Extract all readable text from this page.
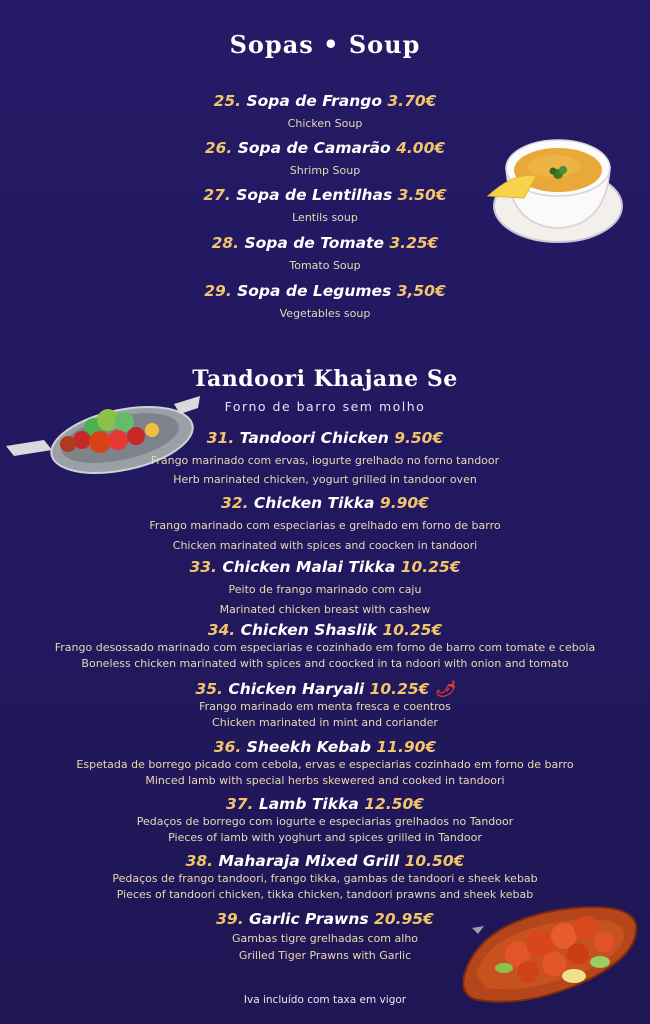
Sopas • Soup
25. Sopa de Frango 3.70€
Chicken Soup
26. Sopa de Camarão 4.00€
Shrimp Soup
27. Sopa de Lentilhas 3.50€
Lentils soup
28. Sopa de Tomate 3.25€
Tomato Soup
29. Sopa de Legumes 3,50€
Vegetables soup
Tandoori Khajane Se
Forno de barro sem molho
31. Tandoori Chicken 9.50€
Frango marinado com ervas, iogurte grelhado no forno tandoor
Herb marinated chicken, yogurt grilled in tandoor oven
32. Chicken Tikka 9.90€
Frango marinado com especiarias e grelhado em forno de barro
Chicken marinated with spices and coocken in tandoori
33. Chicken Malai Tikka 10.25€
Peito de frango marinado com caju
Marinated chicken breast with cashew
34. Chicken Shaslik 10.25€
Frango desossado marinado com especiarias e cozinhado em forno de barro com tomate e cebola
Boneless chicken marinated with spices and coocked in ta ndoori with onion and tomato
35. Chicken Haryali 10.25€ 🌶
Frango marinado em menta fresca e coentros
Chicken marinated in mint and coriander
36. Sheekh Kebab 11.90€
Espetada de borrego picado com cebola, ervas e especiarias cozinhado em forno de barro
Minced lamb with special herbs skewered and cooked in tandoori
37. Lamb Tikka 12.50€
Pedaços de borrego com iogurte e especiarias grelhados no Tandoor
Pieces of lamb with yoghurt and spices grilled in Tandoor
38. Maharaja Mixed Grill 10.50€
Pedaços de frango tandoori, frango tikka, gambas de tandoori e sheek kebab
Pieces of tandoori chicken, tikka chicken, tandoori prawns and sheek kebab
39. Garlic Prawns 20.95€
Gambas tigre grelhadas com alho
Grilled Tiger Prawns with Garlic
Iva incluído com taxa em vigor
